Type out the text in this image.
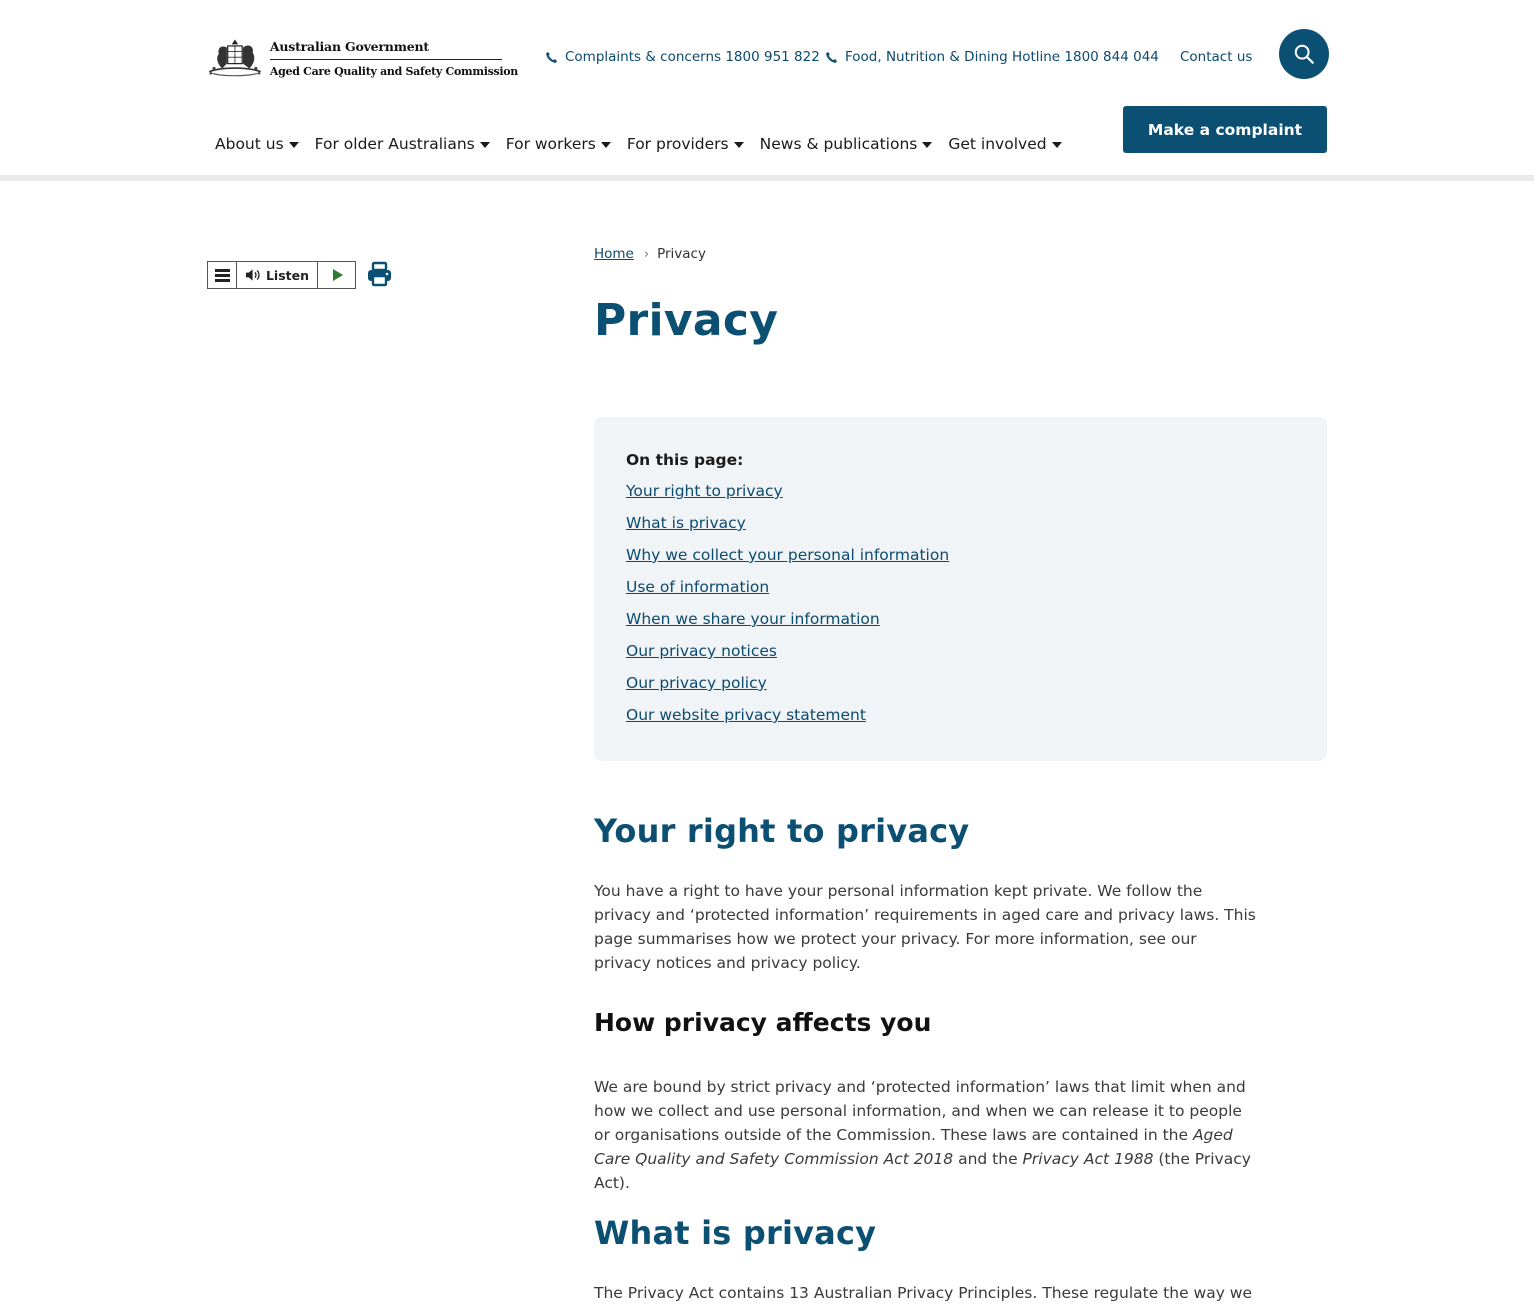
Australian Government
Aged Care Quality and Safety Commission
Complaints & concerns 1800 951 822 Food, Nutrition & Dining Hotline 1800 844 044 Contact us
About us For older Australians For workers For providers News & publications Get involved
Make a complaint
Listen
Home › Privacy
Privacy
On this page:
Your right to privacy
What is privacy
Why we collect your personal information
Use of information
When we share your information
Our privacy notices
Our privacy policy
Our website privacy statement
Your right to privacy

You have a right to have your personal information kept private. We follow the privacy and ‘protected information’ requirements in aged care and privacy laws. This page summarises how we protect your privacy. For more information, see our privacy notices and privacy policy.

How privacy affects you

We are bound by strict privacy and ‘protected information’ laws that limit when and how we collect and use personal information, and when we can release it to people or organisations outside of the Commission. These laws are contained in the Aged Care Quality and Safety Commission Act 2018 and the Privacy Act 1988 (the Privacy Act).

What is privacy

The Privacy Act contains 13 Australian Privacy Principles. These regulate the way we
